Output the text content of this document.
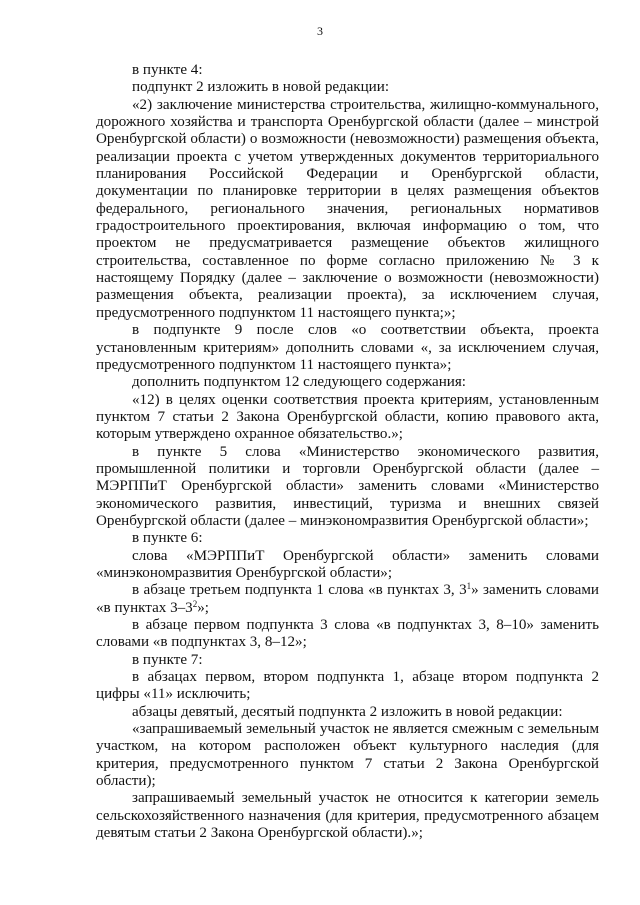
3

в пункте 4:

подпункт 2 изложить в новой редакции:

«2) заключение министерства строительства, жилищно-коммунального, дорожного хозяйства и транспорта Оренбургской области (далее – минстрой Оренбургской области) о возможности (невозможности) размещения объекта, реализации проекта с учетом утвержденных документов территориального планирования Российской Федерации и Оренбургской области, документации по планировке территории в целях размещения объектов федерального, регионального значения, региональных нормативов градостроительного проектирования, включая информацию о том, что проектом не предусматривается размещение объектов жилищного строительства, составленное по форме согласно приложению № 3 к настоящему Порядку (далее – заключение о возможности (невозможности) размещения объекта, реализации проекта), за исключением случая, предусмотренного подпунктом 11 настоящего пункта;»;

в подпункте 9 после слов «о соответствии объекта, проекта установленным критериям» дополнить словами «, за исключением случая, предусмотренного подпунктом 11 настоящего пункта»;

дополнить подпунктом 12 следующего содержания:

«12) в целях оценки соответствия проекта критериям, установленным пунктом 7 статьи 2 Закона Оренбургской области, копию правового акта, которым утверждено охранное обязательство.»;

в пункте 5 слова «Министерство экономического развития, промышленной политики и торговли Оренбургской области (далее – МЭРППиТ Оренбургской области» заменить словами «Министерство экономического развития, инвестиций, туризма и внешних связей Оренбургской области (далее – минэкономразвития Оренбургской области»;

в пункте 6:

слова «МЭРППиТ Оренбургской области» заменить словами «минэкономразвития Оренбургской области»;

в абзаце третьем подпункта 1 слова «в пунктах 3, $3^1$» заменить словами «в пунктах $3-3^2$»;

в абзаце первом подпункта 3 слова «в подпунктах 3, 8–10» заменить словами «в подпунктах 3, 8–12»;

в пункте 7:

в абзацах первом, втором подпункта 1, абзаце втором подпункта 2 цифры «11» исключить;

абзацы девятый, десятый подпункта 2 изложить в новой редакции:

«запрашиваемый земельный участок не является смежным с земельным участком, на котором расположен объект культурного наследия (для критерия, предусмотренного пунктом 7 статьи 2 Закона Оренбургской области);

запрашиваемый земельный участок не относится к категории земель сельскохозяйственного назначения (для критерия, предусмотренного абзацем девятым статьи 2 Закона Оренбургской области).»;
